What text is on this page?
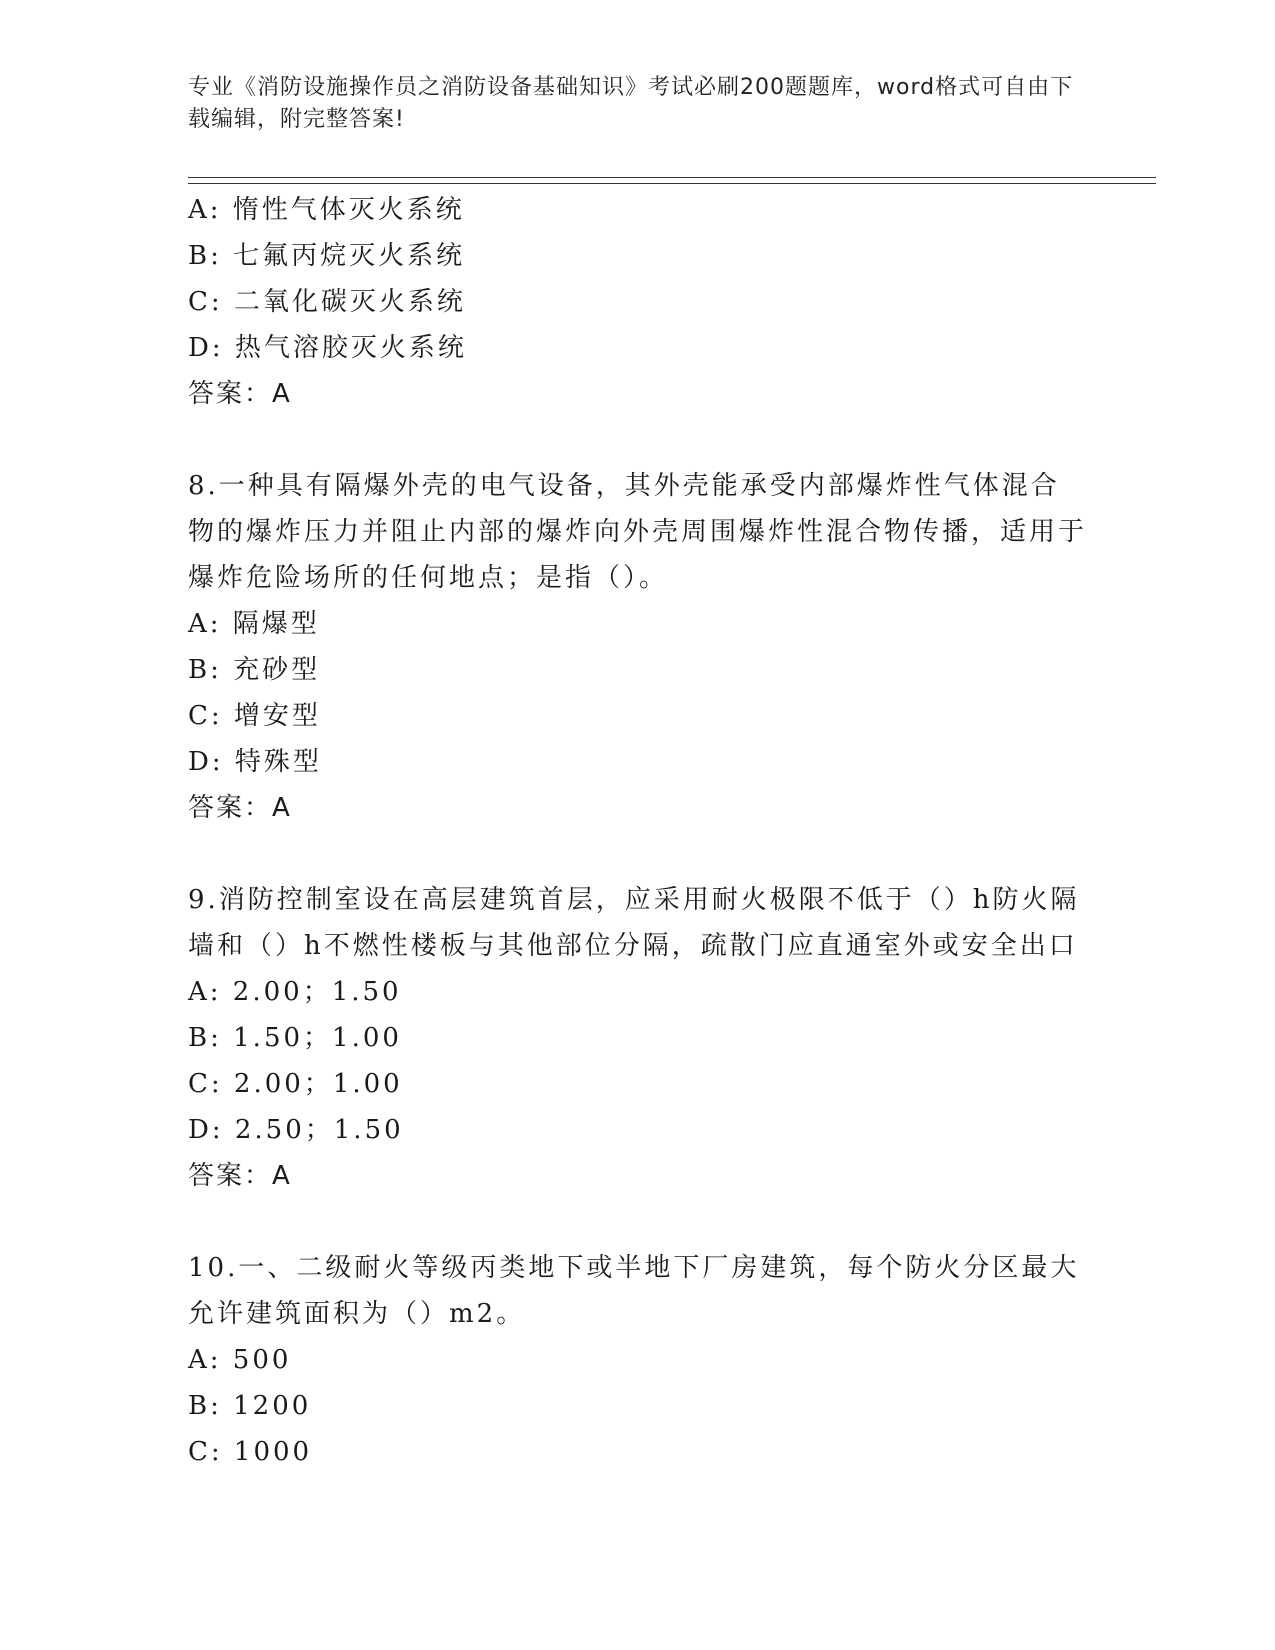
专业《消防设施操作员之消防设备基础知识》考试必刷200题题库，word格式可自由下载编辑，附完整答案!
A: 惰性气体灭火系统
B: 七氟丙烷灭火系统
C: 二氧化碳灭火系统
D: 热气溶胶灭火系统
答案：A
8.一种具有隔爆外壳的电气设备，其外壳能承受内部爆炸性气体混合物的爆炸压力并阻止内部的爆炸向外壳周围爆炸性混合物传播，适用于爆炸危险场所的任何地点；是指（）。
A: 隔爆型
B: 充砂型
C: 增安型
D: 特殊型
答案：A
9.消防控制室设在高层建筑首层，应采用耐火极限不低于（）h防火隔墙和（）h不燃性楼板与其他部位分隔，疏散门应直通室外或安全出口
A: 2.00；1.50
B: 1.50；1.00
C: 2.00；1.00
D: 2.50；1.50
答案：A
10.一、二级耐火等级丙类地下或半地下厂房建筑，每个防火分区最大允许建筑面积为（）m2。
A: 500
B: 1200
C: 1000
